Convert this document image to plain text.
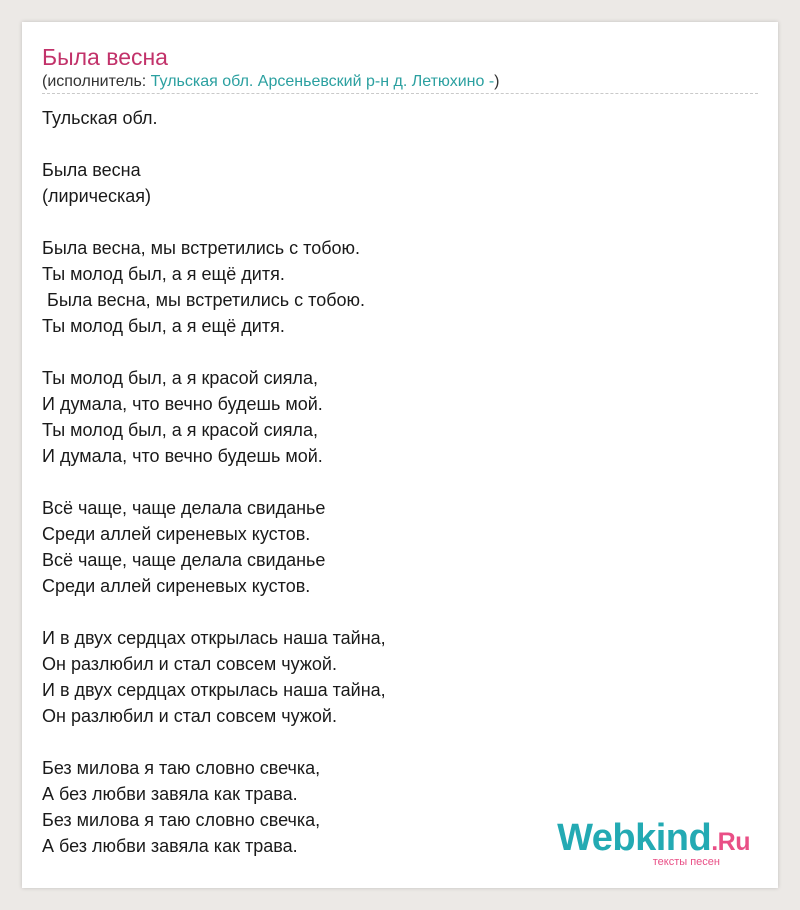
Была весна
(исполнитель: Тульская обл. Арсеньевский р-н д. Летюхино -)
Тульская обл.

Была весна
(лирическая)

Была весна, мы встретились с тобою.
Ты молод был, а я ещё дитя.
Была весна, мы встретились с тобою.
Ты молод был, а я ещё дитя.

Ты молод был, а я красой сияла,
И думала, что вечно будешь мой.
Ты молод был, а я красой сияла,
И думала, что вечно будешь мой.

Всё чаще, чаще делала свиданье
Среди аллей сиреневых кустов.
Всё чаще, чаще делала свиданье
Среди аллей сиреневых кустов.

И в двух сердцах открылась наша тайна,
Он разлюбил и стал совсем чужой.
И в двух сердцах открылась наша тайна,
Он разлюбил и стал совсем чужой.

Без милова я таю словно свечка,
А без любви завяла как трава.
Без милова я таю словно свечка,
А без любви завяла как трава.	Webkind.Ru
тексты песен
